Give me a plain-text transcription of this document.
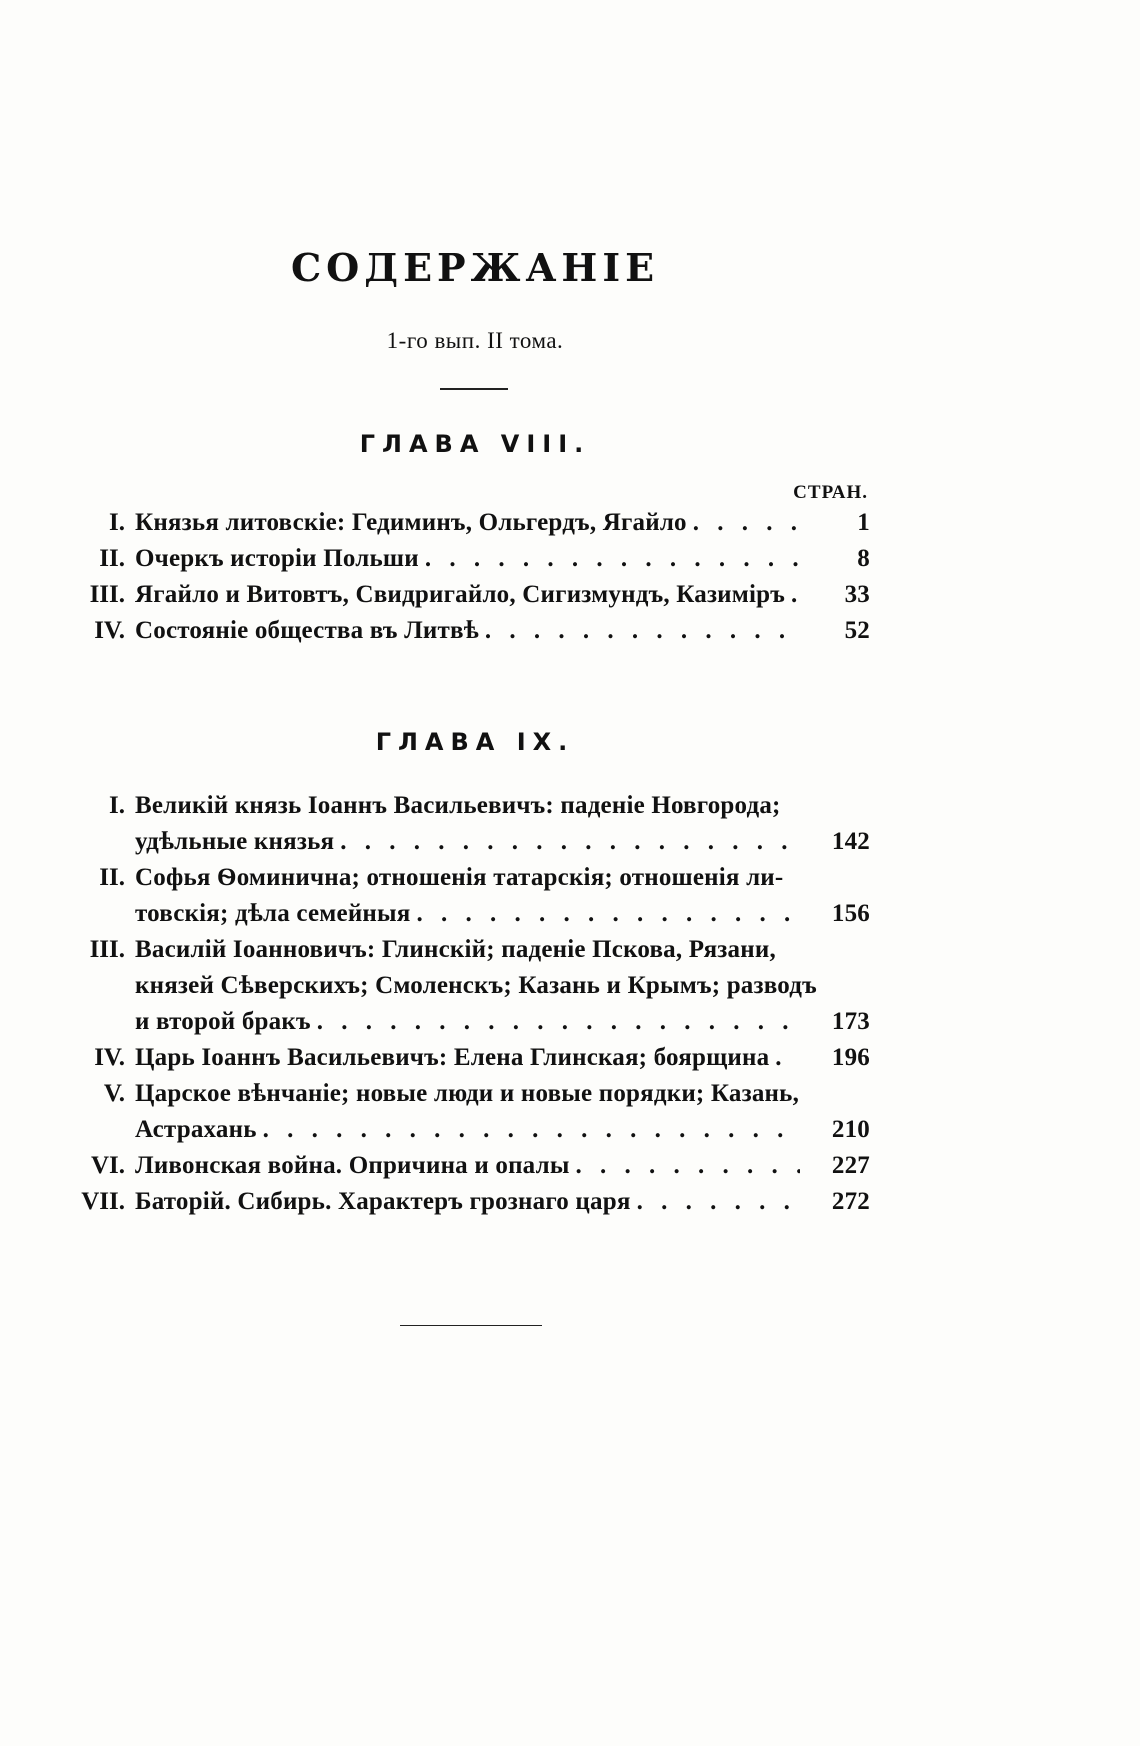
СОДЕРЖАНІЕ
1-го вып. II тома.
ГЛАВА VIII.
СТРАН.
I. Князья литовскіе: Гедиминъ, Ольгердъ, Ягайло . . .	1
II. Очеркъ исторіи Польши . . .	8
III. Ягайло и Витовтъ, Свидригайло, Сигизмундъ, Казиміръ . . .	33
IV. Состояніе общества въ Литвѣ . . .	52
ГЛАВА IX.
I. Великій князь Іоаннъ Васильевичъ: паденіе Новгорода;
удѣльные князья . . .	142
II. Софья Ѳоминична; отношенія татарскія; отношенія ли-
товскія; дѣла семейныя . . .	156
III. Василій Іоанновичъ: Глинскій; паденіе Пскова, Рязани,
князей Сѣверскихъ; Смоленскъ; Казань и Крымъ; разводъ
и второй бракъ . . .	173
IV. Царь Іоаннъ Васильевичъ: Елена Глинская; боярщина . . .	196
V. Царское вѣнчаніе; новые люди и новые порядки; Казань,
Астрахань . . .	210
VI. Ливонская война. Опричина и опалы . . .	227
VII. Баторій. Сибирь. Характеръ грознаго царя . . .	272
